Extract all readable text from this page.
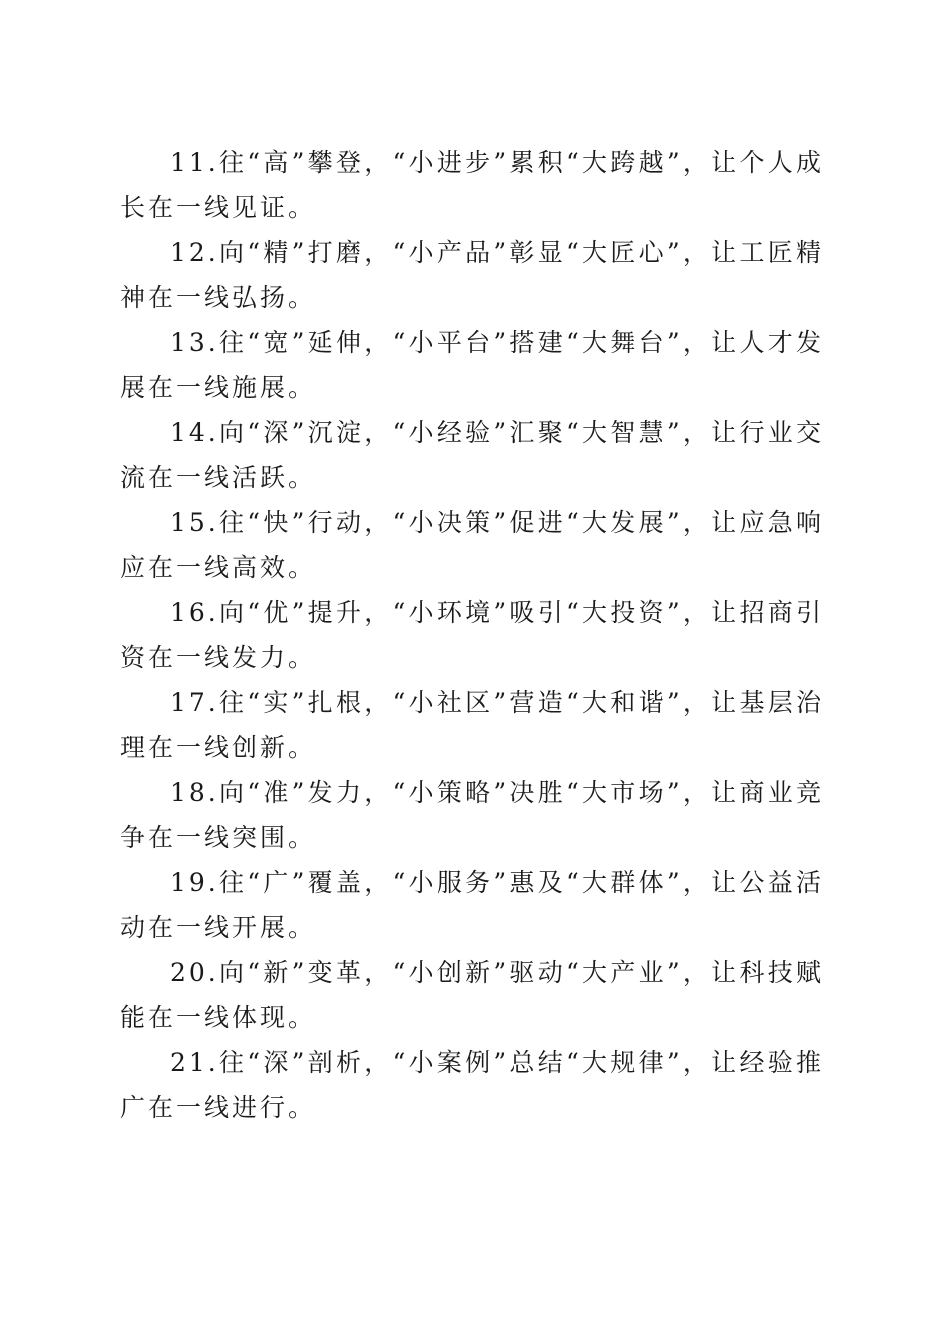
11.往“高”攀登，“小进步”累积“大跨越”，让个人成长在一线见证。

12.向“精”打磨，“小产品”彰显“大匠心”，让工匠精神在一线弘扬。

13.往“宽”延伸，“小平台”搭建“大舞台”，让人才发展在一线施展。

14.向“深”沉淀，“小经验”汇聚“大智慧”，让行业交流在一线活跃。

15.往“快”行动，“小决策”促进“大发展”，让应急响应在一线高效。

16.向“优”提升，“小环境”吸引“大投资”，让招商引资在一线发力。

17.往“实”扎根，“小社区”营造“大和谐”，让基层治理在一线创新。

18.向“准”发力，“小策略”决胜“大市场”，让商业竞争在一线突围。

19.往“广”覆盖，“小服务”惠及“大群体”，让公益活动在一线开展。

20.向“新”变革，“小创新”驱动“大产业”，让科技赋能在一线体现。

21.往“深”剖析，“小案例”总结“大规律”，让经验推广在一线进行。
